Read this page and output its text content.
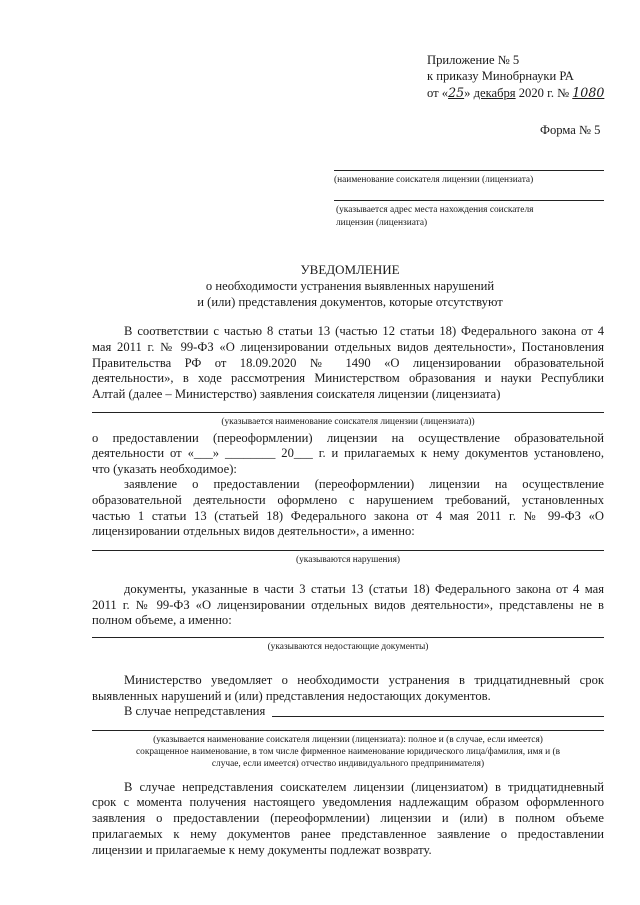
Приложение № 5
к приказу Минобрнауки РА
от «25» декабря 2020 г. № 1080
Форма № 5
(наименование соискателя лицензии (лицензиата)
(указывается адрес места нахождения соискателя
лицензин (лицензиата)
УВЕДОМЛЕНИЕ
о необходимости устранения выявленных нарушений
и (или) представления документов, которые отсутствуют
В соответствии с частью 8 статьи 13 (частью 12 статьи 18) Федерального закона от 4
мая 2011 г. № 99-ФЗ «О лицензировании отдельных видов деятельности», Постановления
Правительства РФ от 18.09.2020 № 1490 «О лицензировании образовательной
деятельности», в ходе рассмотрения Министерством образования и науки Республики
Алтай (далее – Министерство) заявления соискателя лицензии (лицензиата)
(указывается наименование соискателя лицензии (лицензиата))
о предоставлении (переоформлении) лицензии на осуществление образовательной
деятельности от «___» ________ 20___ г. и прилагаемых к нему документов установлено,
что (указать необходимое):
заявление о предоставлении (переоформлении) лицензии на осуществление
образовательной деятельности оформлено с нарушением требований, установленных
частью 1 статьи 13 (статьей 18) Федерального закона от 4 мая 2011 г. № 99-ФЗ «О
лицензировании отдельных видов деятельности», а именно:
(указываются нарушения)
документы, указанные в части 3 статьи 13 (статьи 18) Федерального закона от 4 мая
2011 г. № 99-ФЗ «О лицензировании отдельных видов деятельности», представлены не в
полном объеме, а именно:
(указываются недостающие документы)
Министерство уведомляет о необходимости устранения в тридцатидневный срок
выявленных нарушений и (или) представления недостающих документов.
В случае непредставления
(указывается наименование соискателя лицензии (лицензиата): полное и (в случае, если имеется)
сокращенное наименование, в том числе фирменное наименование юридического лица/фамилия, имя и (в
случае, если имеется) отчество индивидуального предпринимателя)
В случае непредставления соискателем лицензии (лицензиатом) в тридцатидневный
срок с момента получения настоящего уведомления надлежащим образом оформленного
заявления о предоставлении (переоформлении) лицензии и (или) в полном объеме
прилагаемых к нему документов ранее представленное заявление о предоставлении
лицензии и прилагаемые к нему документы подлежат возврату.
